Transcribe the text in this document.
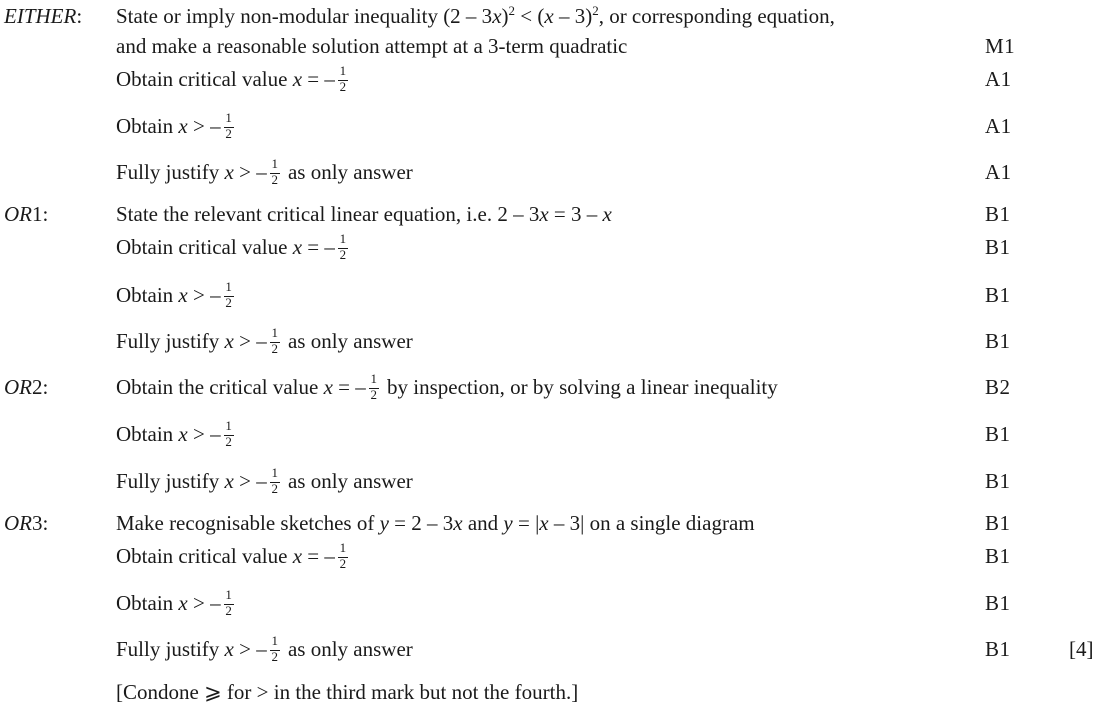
EITHER: State or imply non-modular inequality (2 – 3x)$^2$ < (x – 3)$^2$, or corresponding equation,
and make a reasonable solution attempt at a 3-term quadratic	M1
Obtain critical value x = – $\frac{1}{2}$	A1
Obtain x > – $\frac{1}{2}$	A1
Fully justify x > – $\frac{1}{2}$ as only answer	A1
OR1:	State the relevant critical linear equation, i.e. 2 – 3x = 3 – x	B1
Obtain critical value x = – $\frac{1}{2}$	B1
Obtain x > – $\frac{1}{2}$	B1
Fully justify x > – $\frac{1}{2}$ as only answer	B1
OR2:	Obtain the critical value x = – $\frac{1}{2}$ by inspection, or by solving a linear inequality	B2
Obtain x > – $\frac{1}{2}$	B1
Fully justify x > – $\frac{1}{2}$ as only answer	B1
OR3:	Make recognisable sketches of y = 2 – 3x and y = |x – 3| on a single diagram	B1
Obtain critical value x = – $\frac{1}{2}$	B1
Obtain x > – $\frac{1}{2}$	B1
Fully justify x > – $\frac{1}{2}$ as only answer	B1	[4]
[Condone ⩾ for > in the third mark but not the fourth.]
